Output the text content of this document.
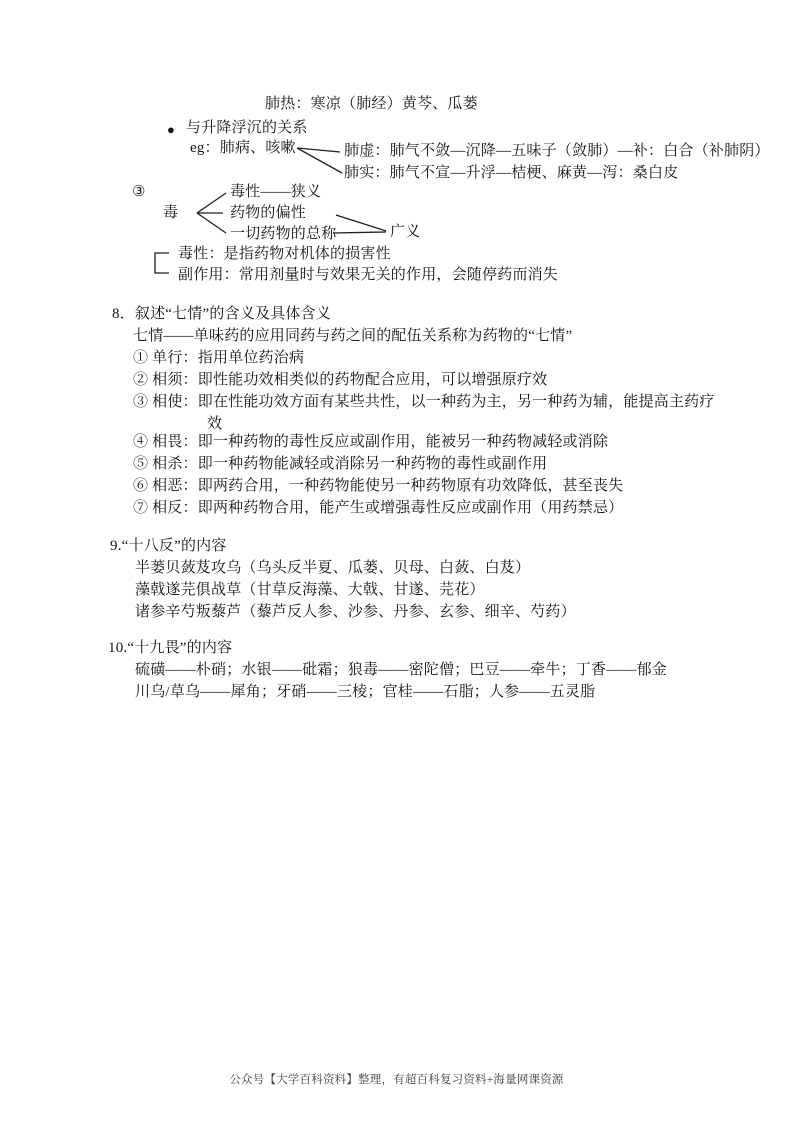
肺热：寒凉（肺经）黄芩、瓜蒌
● 与升降浮沉的关系
eg：肺病、咳嗽	肺虚：肺气不敛—沉降—五味子（敛肺）—补：白合（补肺阴）
肺实：肺气不宣—升浮—桔梗、麻黄—泻：桑白皮
③
毒
毒性——狭义
药物的偏性
一切药物的总称	广义
毒性：是指药物对机体的损害性
副作用：常用剂量时与效果无关的作用，会随停药而消失
8．叙述“七情”的含义及具体含义
七情——单味药的应用同药与药之间的配伍关系称为药物的“七情”
① 单行：指用单位药治病
② 相须：即性能功效相类似的药物配合应用，可以增强原疗效
③ 相使：即在性能功效方面有某些共性，以一种药为主，另一种药为辅，能提高主药疗
效
④ 相畏：即一种药物的毒性反应或副作用，能被另一种药物减轻或消除
⑤ 相杀：即一种药物能减轻或消除另一种药物的毒性或副作用
⑥ 相恶：即两药合用，一种药物能使另一种药物原有功效降低，甚至丧失
⑦ 相反：即两种药物合用，能产生或增强毒性反应或副作用（用药禁忌）
9.“十八反”的内容
半蒌贝蔹芨攻乌（乌头反半夏、瓜蒌、贝母、白蔹、白芨）
藻戟遂芫俱战草（甘草反海藻、大戟、甘遂、芫花）
诸参辛芍叛藜芦（藜芦反人参、沙参、丹参、玄参、细辛、芍药）
10.“十九畏”的内容
硫磺——朴硝；水银——砒霜；狼毒——密陀僧；巴豆——牵牛；丁香——郁金
川乌/草乌——犀角；牙硝——三棱；官桂——石脂；人参——五灵脂
公众号【大学百科资料】整理，有超百科复习资料+海量网课资源
